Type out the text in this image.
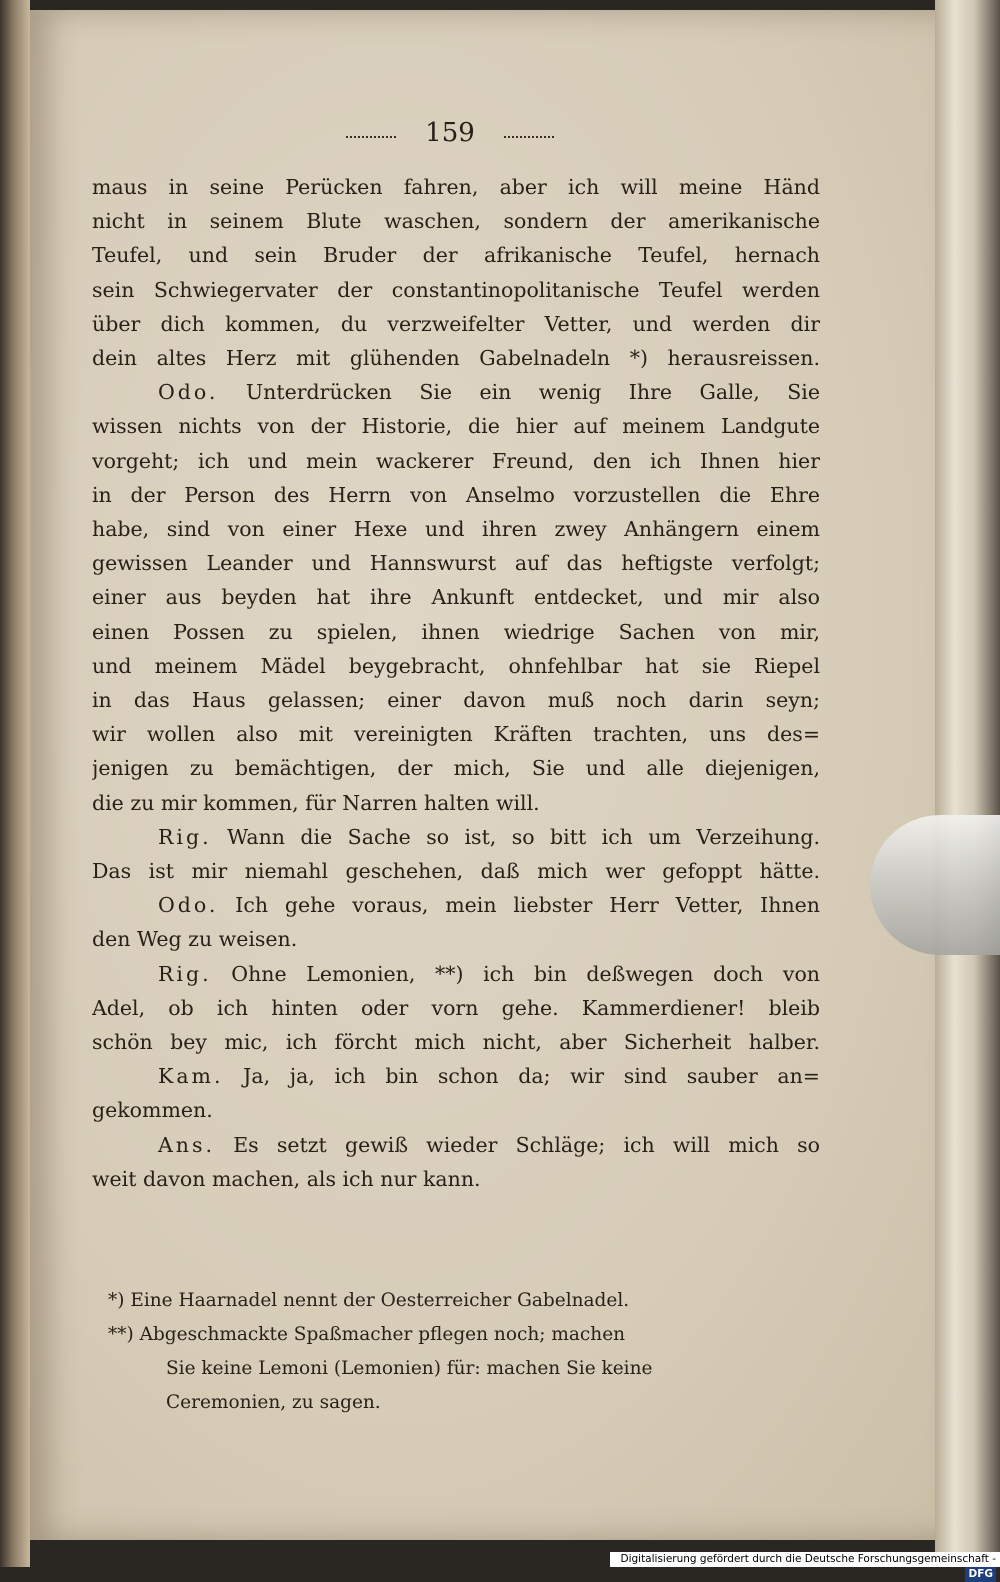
159
maus in seine Perücken fahren, aber ich will meine Händ
nicht in seinem Blute waschen, sondern der amerikanische
Teufel, und sein Bruder der afrikanische Teufel, hernach
sein Schwiegervater der constantinopolitanische Teufel werden
über dich kommen, du verzweifelter Vetter, und werden dir
dein altes Herz mit glühenden Gabelnadeln *) herausreissen.
Odo. Unterdrücken Sie ein wenig Ihre Galle, Sie
wissen nichts von der Historie, die hier auf meinem Landgute
vorgeht; ich und mein wackerer Freund, den ich Ihnen hier
in der Person des Herrn von Anselmo vorzustellen die Ehre
habe, sind von einer Hexe und ihren zwey Anhängern einem
gewissen Leander und Hannswurst auf das heftigste verfolgt;
einer aus beyden hat ihre Ankunft entdecket, und mir also
einen Possen zu spielen, ihnen wiedrige Sachen von mir,
und meinem Mädel beygebracht, ohnfehlbar hat sie Riepel
in das Haus gelassen; einer davon muß noch darin seyn;
wir wollen also mit vereinigten Kräften trachten, uns des=
jenigen zu bemächtigen, der mich, Sie und alle diejenigen,
die zu mir kommen, für Narren halten will.
Rig. Wann die Sache so ist, so bitt ich um Verzeihung.
Das ist mir niemahl geschehen, daß mich wer gefoppt hätte.
Odo. Ich gehe voraus, mein liebster Herr Vetter, Ihnen
den Weg zu weisen.
Rig. Ohne Lemonien, **) ich bin deßwegen doch von
Adel, ob ich hinten oder vorn gehe. Kammerdiener! bleib
schön bey mic, ich förcht mich nicht, aber Sicherheit halber.
Kam. Ja, ja, ich bin schon da; wir sind sauber an=
gekommen.
Ans. Es setzt gewiß wieder Schläge; ich will mich so
weit davon machen, als ich nur kann.
*) Eine Haarnadel nennt der Oesterreicher Gabelnadel.
**) Abgeschmackte Spaßmacher pflegen noch; machen
Sie keine Lemoni (Lemonien) für: machen Sie keine
Ceremonien, zu sagen.
Digitalisierung gefördert durch die Deutsche Forschungsgemeinschaft -DFG
